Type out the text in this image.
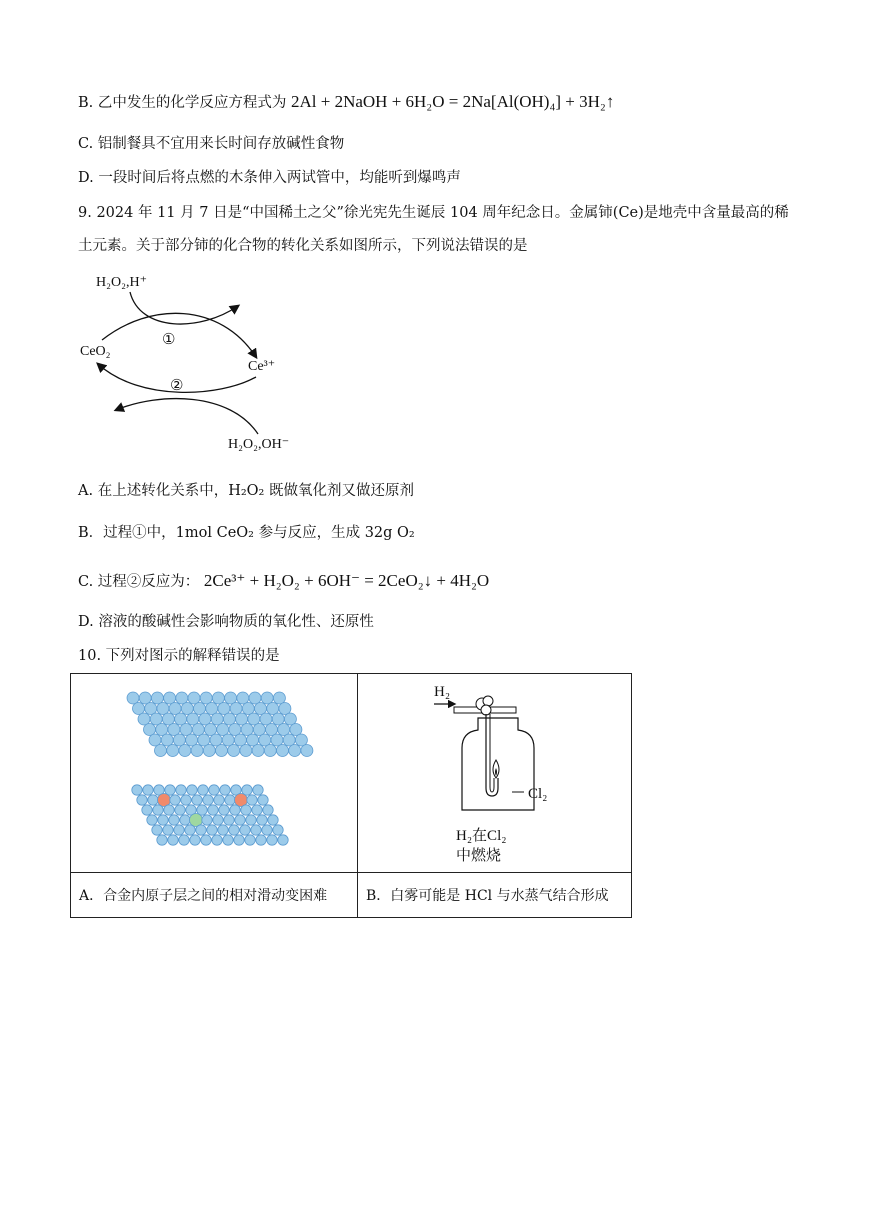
B. 乙中发生的化学反应方程式为 2Al + 2NaOH + 6H₂O = 2Na[Al(OH)₄] + 3H₂↑
C. 铝制餐具不宜用来长时间存放碱性食物
D. 一段时间后将点燃的木条伸入两试管中，均能听到爆鸣声
9. 2024 年 11 月 7 日是“中国稀土之父”徐光宪先生诞辰 104 周年纪念日。金属铈(Ce)是地壳中含量最高的稀
土元素。关于部分铈的化合物的转化关系如图所示，下列说法错误的是
H₂O₂,H⁺
CeO₂
Ce³⁺
①
②
H₂O₂,OH⁻
A. 在上述转化关系中，H₂O₂ 既做氧化剂又做还原剂
B．过程①中，1mol CeO₂ 参与反应，生成 32g O₂
C. 过程②反应为： 2Ce³⁺ + H₂O₂ + 6OH⁻ = 2CeO₂↓ + 4H₂O
D. 溶液的酸碱性会影响物质的氧化性、还原性
10. 下列对图示的解释错误的是

H₂
Cl₂
H₂在Cl₂
中燃烧

A．合金内原子层之间的相对滑动变困难	B．白雾可能是 HCl 与水蒸气结合形成
